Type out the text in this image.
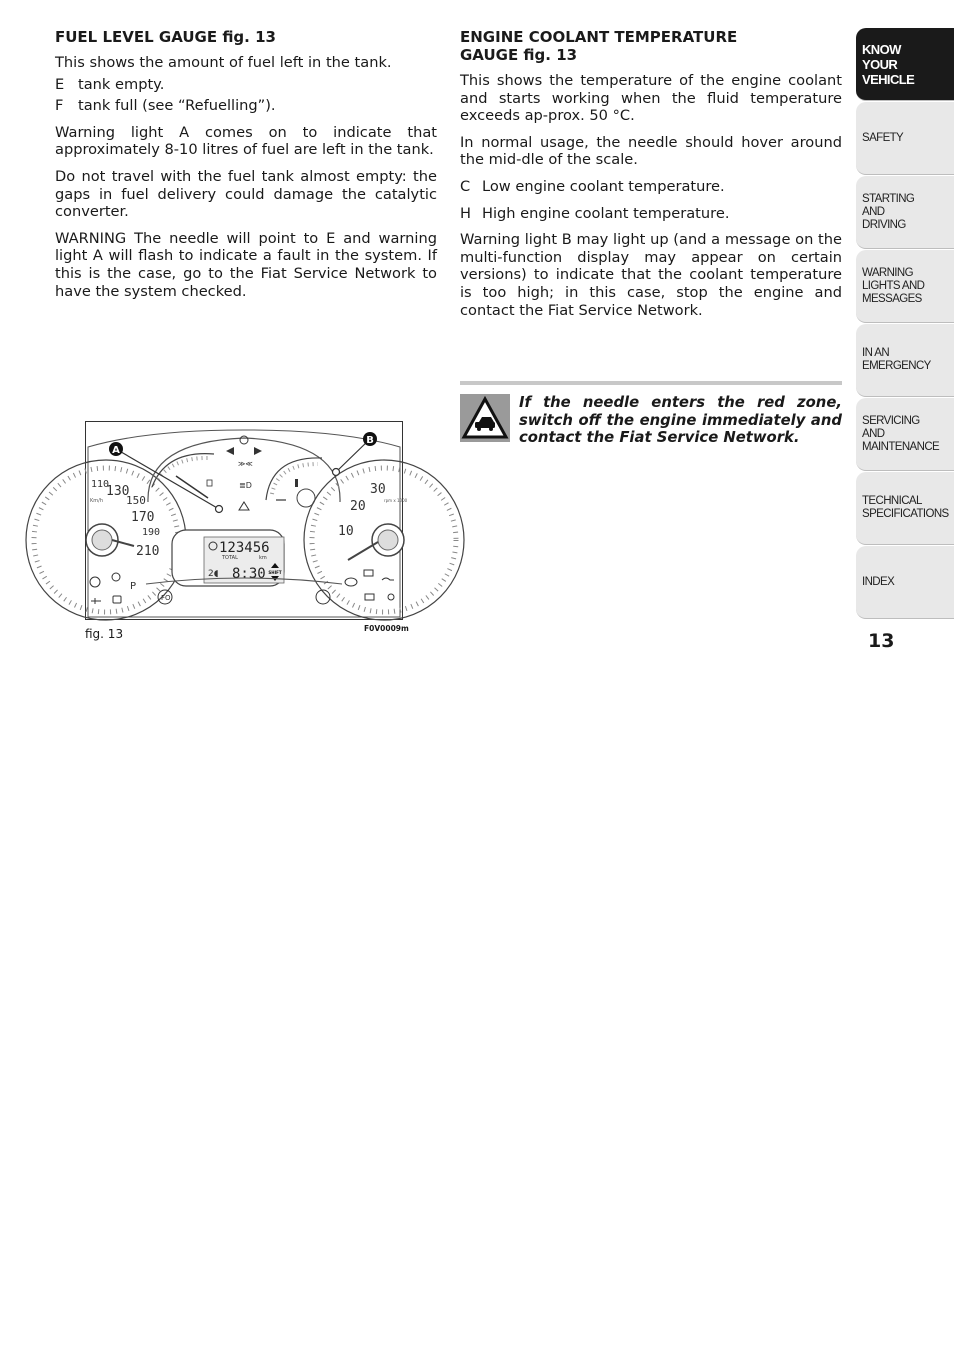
FUEL LEVEL GAUGE fig. 13
This shows the amount of fuel left in the tank.
E tank empty.
F tank full (see “Refuelling”).
Warning light A comes on to indicate that approximately 8-10 litres of fuel are left in the tank.
Do not travel with the fuel tank almost empty: the gaps in fuel delivery could damage the catalytic converter.
WARNING The needle will point to E and warning light A will flash to indicate a fault in the system. If this is the case, go to the Fiat Service Network to have the system checked.
ENGINE COOLANT TEMPERATURE
GAUGE fig. 13
This shows the temperature of the engine coolant and starts working when the fluid temperature exceeds ap-prox. 50 °C.
In normal usage, the needle should hover around the mid-dle of the scale.
C Low engine coolant temperature.
H High engine coolant temperature.
Warning light B may light up (and a message on the multi-function display may appear on certain versions) to indicate that the coolant temperature is too high; in this case, stop the engine and contact the Fiat Service Network.
If the needle enters the red zone, switch off the engine immediately and contact the Fiat Service Network.
110
130
150
170
190
210
Km/h
P
≫≪
≣D
A
B
123456
TOTAL	km
2◖ 8:30 SHIFT
30
20
10
rpm x 1000
FO
fig. 13	F0V0009m
KNOW
YOUR
VEHICLE
SAFETY
STARTING
AND
DRIVING
WARNING
LIGHTS AND
MESSAGES
IN AN
EMERGENCY
SERVICING
AND
MAINTENANCE
TECHNICAL
SPECIFICATIONS
INDEX
13
